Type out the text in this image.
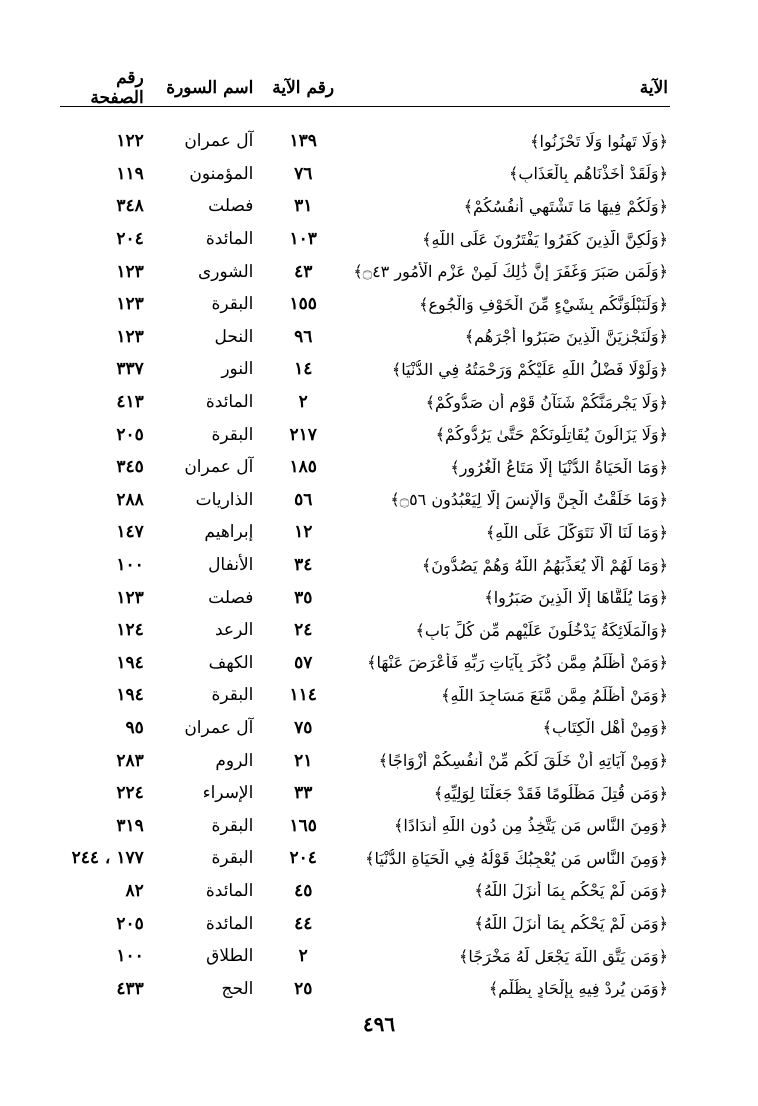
الآية
رقم الآية
اسم السورة
رقم الصفحة
﴿وَلَا تَهِنُوا وَلَا تَحْزَنُوا﴾
١٣٩
آل عمران
١٢٢
﴿وَلَقَدْ أَخَذْنَاهُم بِالْعَذَابِ﴾
٧٦
المؤمنون
١١٩
﴿وَلَكُمْ فِيهَا مَا تَشْتَهِي أَنفُسُكُمْ﴾
٣١
فصلت
٣٤٨
﴿وَلَٰكِنَّ الَّذِينَ كَفَرُوا يَفْتَرُونَ عَلَى اللَّهِ﴾
١٠٣
المائدة
٢٠٤
﴿وَلَمَن صَبَرَ وَغَفَرَ إِنَّ ذَٰلِكَ لَمِنْ عَزْمِ الْأُمُورِ ۝٤٣﴾
٤٣
الشورى
١٢٣
﴿وَلَنَبْلُوَنَّكُم بِشَيْءٍ مِّنَ الْخَوْفِ وَالْجُوعِ﴾
١٥٥
البقرة
١٢٣
﴿وَلَنَجْزِيَنَّ الَّذِينَ صَبَرُوا أَجْرَهُم﴾
٩٦
النحل
١٢٣
﴿وَلَوْلَا فَضْلُ اللَّهِ عَلَيْكُمْ وَرَحْمَتُهُ فِي الدُّنْيَا﴾
١٤
النور
٣٣٧
﴿وَلَا يَجْرِمَنَّكُمْ شَنَآنُ قَوْمٍ أَن صَدُّوكُمْ﴾
٢
المائدة
٤١٣
﴿وَلَا يَزَالُونَ يُقَاتِلُونَكُمْ حَتَّىٰ يَرُدُّوكُمْ﴾
٢١٧
البقرة
٢٠٥
﴿وَمَا الْحَيَاةُ الدُّنْيَا إِلَّا مَتَاعُ الْغُرُورِ﴾
١٨٥
آل عمران
٣٤٥
﴿وَمَا خَلَقْتُ الْجِنَّ وَالْإِنسَ إِلَّا لِيَعْبُدُونِ ۝٥٦﴾
٥٦
الذاريات
٢٨٨
﴿وَمَا لَنَا أَلَّا نَتَوَكَّلَ عَلَى اللَّهِ﴾
١٢
إبراهيم
١٤٧
﴿وَمَا لَهُمْ أَلَّا يُعَذِّبَهُمُ اللَّهُ وَهُمْ يَصُدُّونَ﴾
٣٤
الأنفال
١٠٠
﴿وَمَا يُلَقَّاهَا إِلَّا الَّذِينَ صَبَرُوا﴾
٣٥
فصلت
١٢٣
﴿وَالْمَلَائِكَةُ يَدْخُلُونَ عَلَيْهِم مِّن كُلِّ بَابٍ﴾
٢٤
الرعد
١٢٤
﴿وَمَنْ أَظْلَمُ مِمَّن ذُكِّرَ بِآيَاتِ رَبِّهِ فَأَعْرَضَ عَنْهَا﴾
٥٧
الكهف
١٩٤
﴿وَمَنْ أَظْلَمُ مِمَّن مَّنَعَ مَسَاجِدَ اللَّهِ﴾
١١٤
البقرة
١٩٤
﴿وَمِنْ أَهْلِ الْكِتَابِ﴾
٧٥
آل عمران
٩٥
﴿وَمِنْ آيَاتِهِ أَنْ خَلَقَ لَكُم مِّنْ أَنفُسِكُمْ أَزْوَاجًا﴾
٢١
الروم
٢٨٣
﴿وَمَن قُتِلَ مَظْلُومًا فَقَدْ جَعَلْنَا لِوَلِيِّهِ﴾
٣٣
الإسراء
٢٢٤
﴿وَمِنَ النَّاسِ مَن يَتَّخِذُ مِن دُونِ اللَّهِ أَندَادًا﴾
١٦٥
البقرة
٣١٩
﴿وَمِنَ النَّاسِ مَن يُعْجِبُكَ قَوْلُهُ فِي الْحَيَاةِ الدُّنْيَا﴾
٢٠٤
البقرة
١٧٧ ، ٢٤٤
﴿وَمَن لَّمْ يَحْكُم بِمَا أَنزَلَ اللَّهُ﴾
٤٥
المائدة
٨٢
﴿وَمَن لَّمْ يَحْكُم بِمَا أَنزَلَ اللَّهُ﴾
٤٤
المائدة
٢٠٥
﴿وَمَن يَتَّقِ اللَّهَ يَجْعَل لَّهُ مَخْرَجًا﴾
٢
الطلاق
١٠٠
﴿وَمَن يُرِدْ فِيهِ بِإِلْحَادٍ بِظُلْمٍ﴾
٢٥
الحج
٤٣٣
٤٩٦
